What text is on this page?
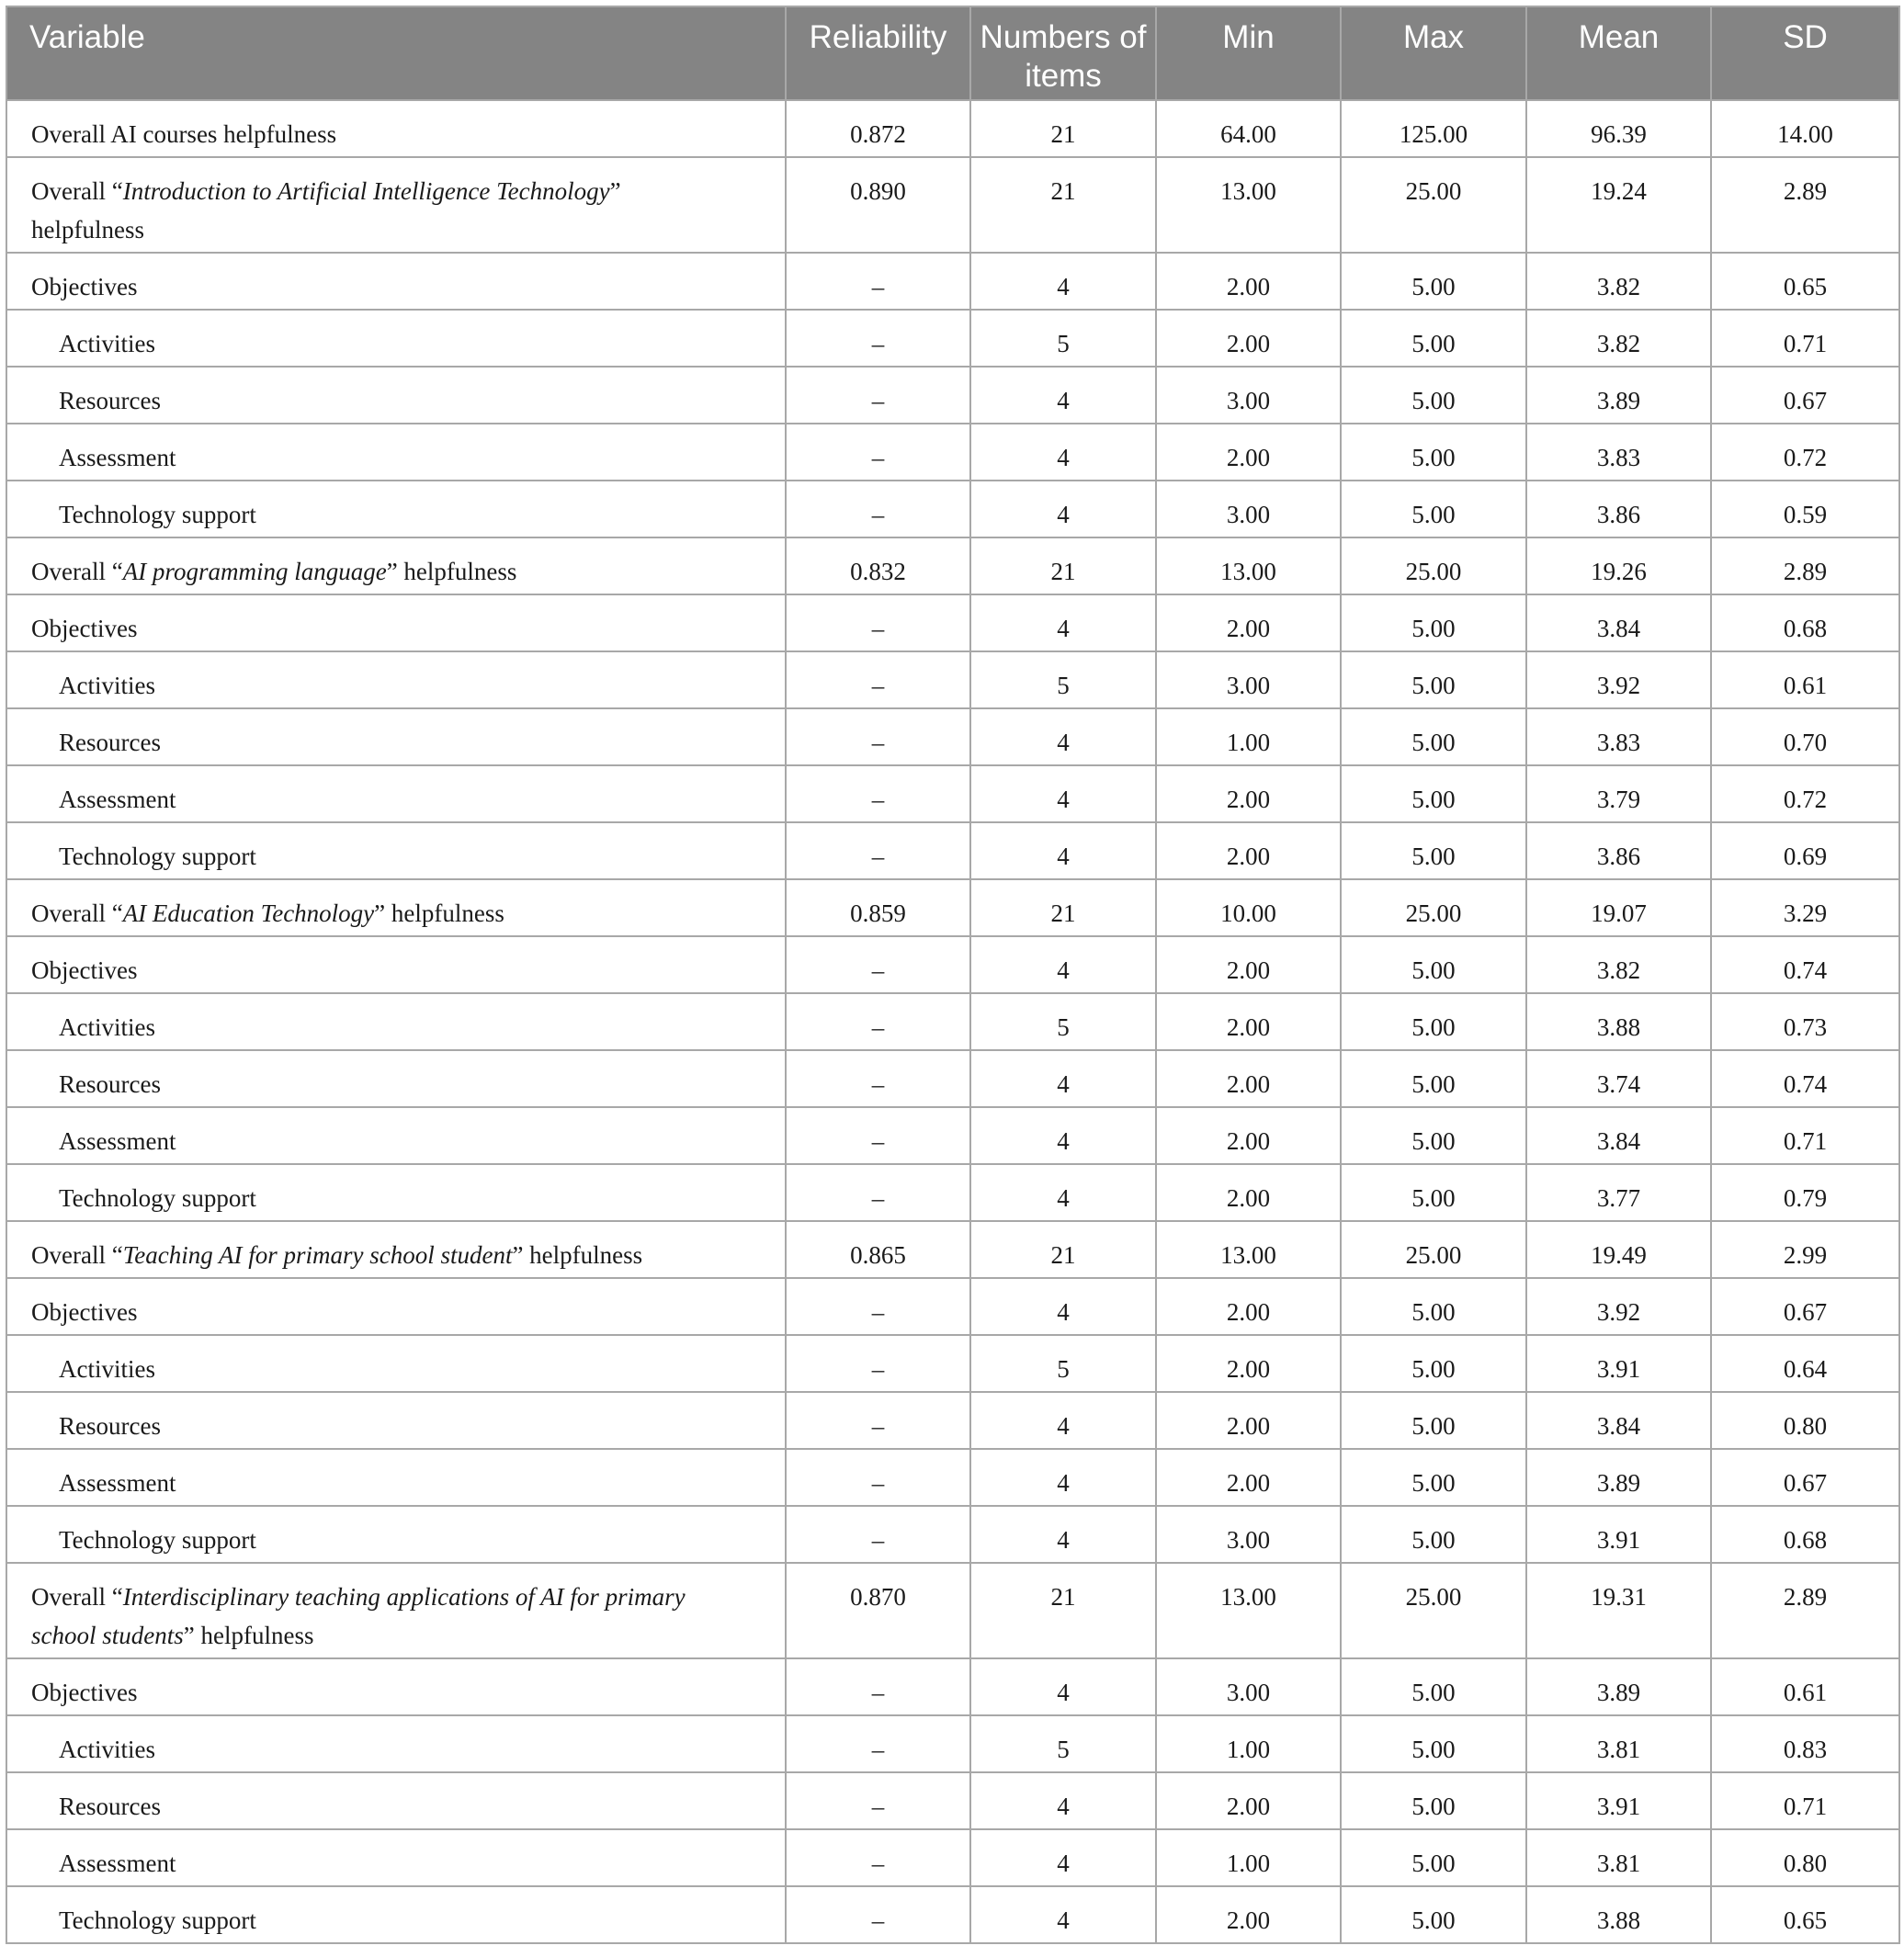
Variable	Reliability	Numbers of items	Min	Max	Mean	SD
Overall AI courses helpfulness	0.872	21	64.00	125.00	96.39	14.00
Overall “Introduction to Artificial Intelligence Technology” helpfulness	0.890	21	13.00	25.00	19.24	2.89
Objectives	–	4	2.00	5.00	3.82	0.65
Activities	–	5	2.00	5.00	3.82	0.71
Resources	–	4	3.00	5.00	3.89	0.67
Assessment	–	4	2.00	5.00	3.83	0.72
Technology support	–	4	3.00	5.00	3.86	0.59
Overall “AI programming language” helpfulness	0.832	21	13.00	25.00	19.26	2.89
Objectives	–	4	2.00	5.00	3.84	0.68
Activities	–	5	3.00	5.00	3.92	0.61
Resources	–	4	1.00	5.00	3.83	0.70
Assessment	–	4	2.00	5.00	3.79	0.72
Technology support	–	4	2.00	5.00	3.86	0.69
Overall “AI Education Technology” helpfulness	0.859	21	10.00	25.00	19.07	3.29
Objectives	–	4	2.00	5.00	3.82	0.74
Activities	–	5	2.00	5.00	3.88	0.73
Resources	–	4	2.00	5.00	3.74	0.74
Assessment	–	4	2.00	5.00	3.84	0.71
Technology support	–	4	2.00	5.00	3.77	0.79
Overall “Teaching AI for primary school student” helpfulness	0.865	21	13.00	25.00	19.49	2.99
Objectives	–	4	2.00	5.00	3.92	0.67
Activities	–	5	2.00	5.00	3.91	0.64
Resources	–	4	2.00	5.00	3.84	0.80
Assessment	–	4	2.00	5.00	3.89	0.67
Technology support	–	4	3.00	5.00	3.91	0.68
Overall “Interdisciplinary teaching applications of AI for primary school students” helpfulness	0.870	21	13.00	25.00	19.31	2.89
Objectives	–	4	3.00	5.00	3.89	0.61
Activities	–	5	1.00	5.00	3.81	0.83
Resources	–	4	2.00	5.00	3.91	0.71
Assessment	–	4	1.00	5.00	3.81	0.80
Technology support	–	4	2.00	5.00	3.88	0.65
